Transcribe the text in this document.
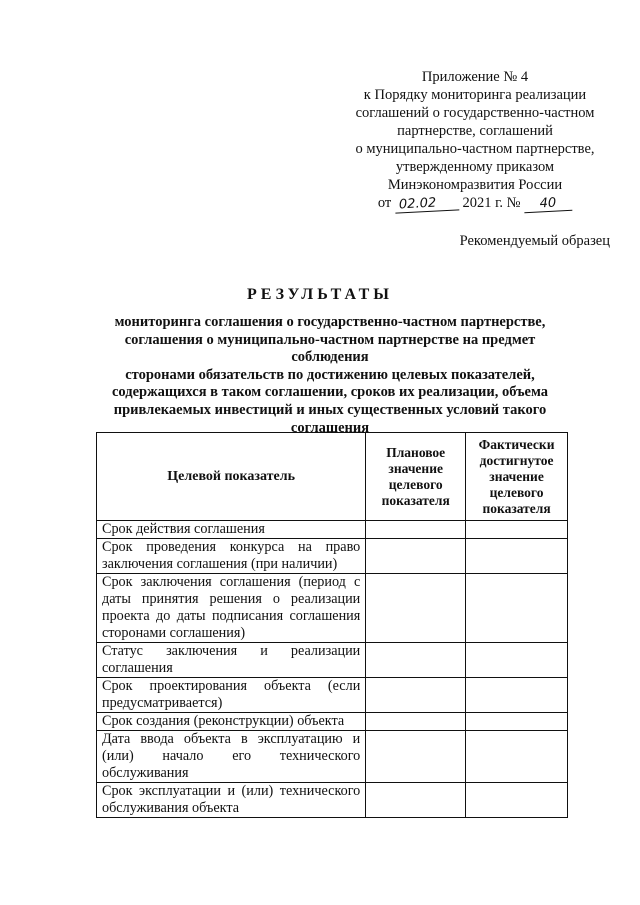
Приложение № 4
к Порядку мониторинга реализации
соглашений о государственно-частном
партнерстве, соглашений
о муниципально-частном партнерстве,
утвержденному приказом
Минэкономразвития России
от 02.02 2021 г. № 40
Рекомендуемый образец
РЕЗУЛЬТАТЫ
мониторинга соглашения о государственно-частном партнерстве,
соглашения о муниципально-частном партнерстве на предмет соблюдения
сторонами обязательств по достижению целевых показателей,
содержащихся в таком соглашении, сроков их реализации, объема
привлекаемых инвестиций и иных существенных условий такого
соглашения
Целевой показатель	Плановое значение целевого показателя	Фактически достигнутое значение целевого показателя
Срок действия соглашения		
Срок проведения конкурса на право заключения соглашения (при наличии)		
Срок заключения соглашения (период с даты принятия решения о реализации проекта до даты подписания соглашения сторонами соглашения)		
Статус заключения и реализации соглашения		
Срок проектирования объекта (если предусматривается)		
Срок создания (реконструкции) объекта		
Дата ввода объекта в эксплуатацию и (или) начало его технического обслуживания		
Срок эксплуатации и (или) технического обслуживания объекта		
